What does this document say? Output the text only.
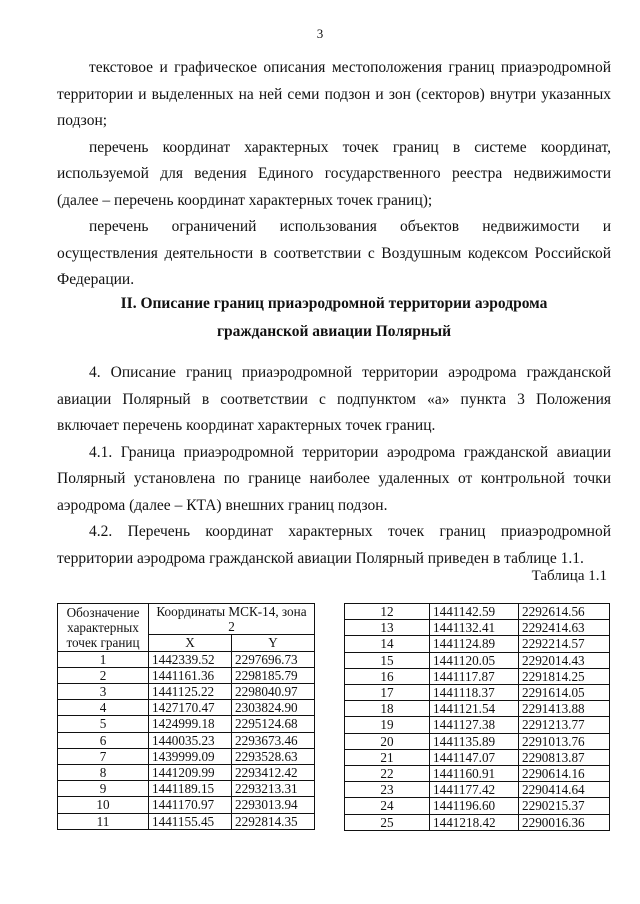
3

текстовое и графическое описания местоположения границ приаэродромной территории и выделенных на ней семи подзон и зон (секторов) внутри указанных подзон;

перечень координат характерных точек границ в системе координат, используемой для ведения Единого государственного реестра недвижимости (далее – перечень координат характерных точек границ);

перечень ограничений использования объектов недвижимости и осуществления деятельности в соответствии с Воздушным кодексом Российской Федерации.

II. Описание границ приаэродромной территории аэродрома
гражданской авиации Полярный

4. Описание границ приаэродромной территории аэродрома гражданской авиации Полярный в соответствии с подпунктом «а» пункта 3 Положения включает перечень координат характерных точек границ.

4.1. Граница приаэродромной территории аэродрома гражданской авиации Полярный установлена по границе наиболее удаленных от контрольной точки аэродрома (далее – КТА) внешних границ подзон.

4.2. Перечень координат характерных точек границ приаэродромной территории аэродрома гражданской авиации Полярный приведен в таблице 1.1.

Таблица 1.1
Обозначение характерных точек границ	Координаты МСК-14, зона 2	
	X	Y
1	1442339.52	2297696.73
2	1441161.36	2298185.79
3	1441125.22	2298040.97
4	1427170.47	2303824.90
5	1424999.18	2295124.68
6	1440035.23	2293673.46
7	1439999.09	2293528.63
8	1441209.99	2293412.42
9	1441189.15	2293213.31
10	1441170.97	2293013.94
11	1441155.45	2292814.35
12	1441142.59	2292614.56
13	1441132.41	2292414.63
14	1441124.89	2292214.57
15	1441120.05	2292014.43
16	1441117.87	2291814.25
17	1441118.37	2291614.05
18	1441121.54	2291413.88
19	1441127.38	2291213.77
20	1441135.89	2291013.76
21	1441147.07	2290813.87
22	1441160.91	2290614.16
23	1441177.42	2290414.64
24	1441196.60	2290215.37
25	1441218.42	2290016.36
